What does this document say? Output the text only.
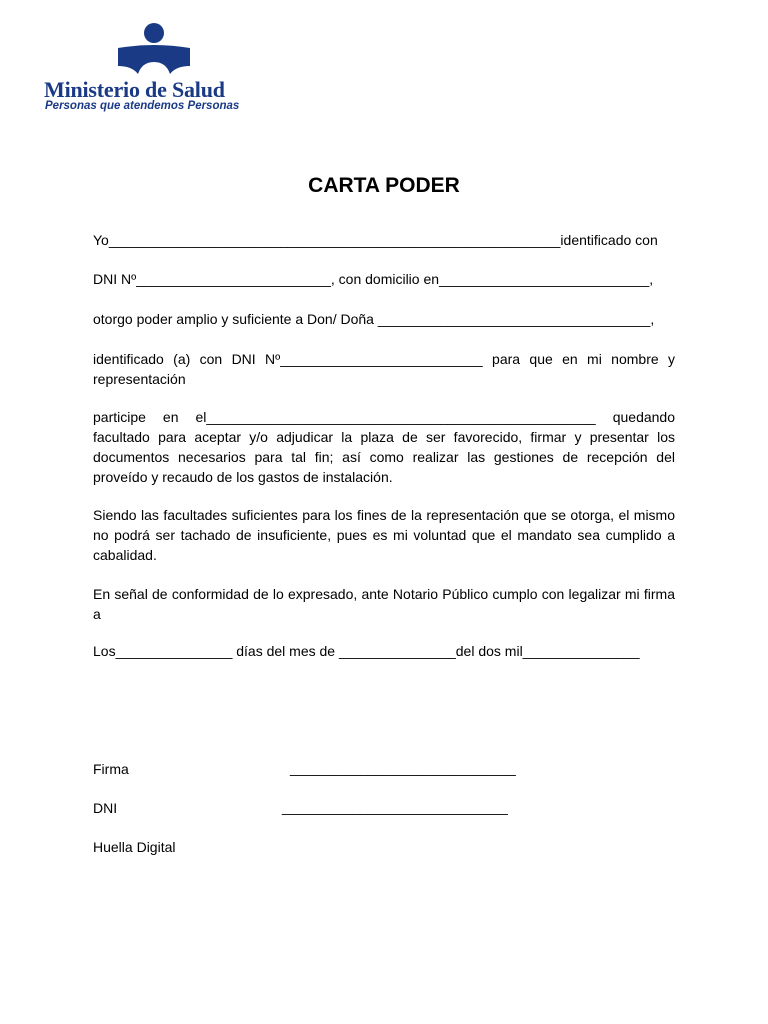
Ministerio de Salud
Personas que atendemos Personas
CARTA PODER
Yo__________________________________________________________identificado con
DNI Nº_________________________, con domicilio en___________________________,
otorgo poder amplio y suficiente a Don/ Doña ___________________________________,
identificado (a) con DNI Nº__________________________ para que en mi nombre y representación
participe en el__________________________________________________ quedando facultado para aceptar y/o adjudicar la plaza de ser favorecido, firmar y presentar los documentos necesarios para tal fin; así como realizar las gestiones de recepción del proveído y recaudo de los gastos de instalación.
Siendo las facultades suficientes para los fines de la representación que se otorga, el mismo no podrá ser tachado de insuficiente, pues es mi voluntad que el mandato sea cumplido a cabalidad.
En señal de conformidad de lo expresado, ante Notario Público cumplo con legalizar mi firma a
Los_______________ días del mes de _______________del dos mil_______________
Firma	_____________________________
DNI	_____________________________
Huella Digital
